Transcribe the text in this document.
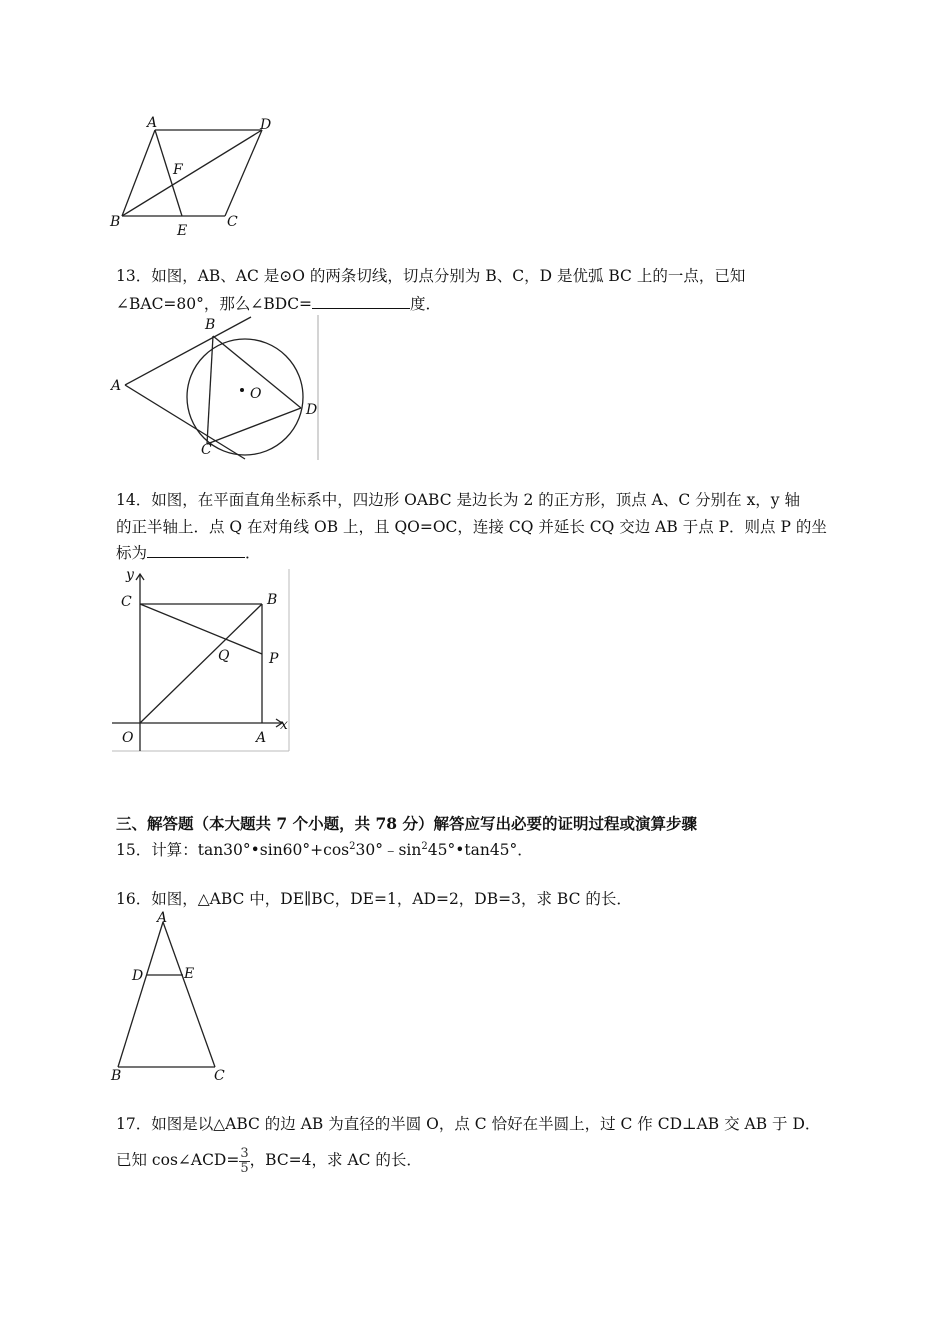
A	D
F
B
E
C
13．如图，AB、AC 是⊙O 的两条切线，切点分别为 B、C，D 是优弧 BC 上的一点，已知
∠BAC=80°，那么∠BDC=	度．
A
B
O
D
C
14．如图，在平面直角坐标系中，四边形 OABC 是边长为 2 的正方形，顶点 A、C 分别在 x，y 轴
的正半轴上．点 Q 在对角线 OB 上，且 QO=OC，连接 CQ 并延长 CQ 交边 AB 于点 P．则点 P 的坐
标为	．
y
C	B
Q	P
x
O	A
三、解答题（本大题共 7 个小题，共 78 分）解答应写出必要的证明过程或演算步骤
15．计算：$\tan 30^\circ•\sin 60^\circ+\cos^230^\circ﹣\sin^245^\circ•\tan 45^\circ$．
16．如图，△ABC 中，DE∥BC，DE=1，AD=2，DB=3，求 BC 的长．
A
D	E
B	C
17．如图是以△ABC 的边 AB 为直径的半圆 O，点 C 恰好在半圆上，过 C 作 CD⊥AB 交 AB 于 D．
已知 cos∠ACD= $\frac{3}{5}$ ，BC=4，求 AC 的长．
